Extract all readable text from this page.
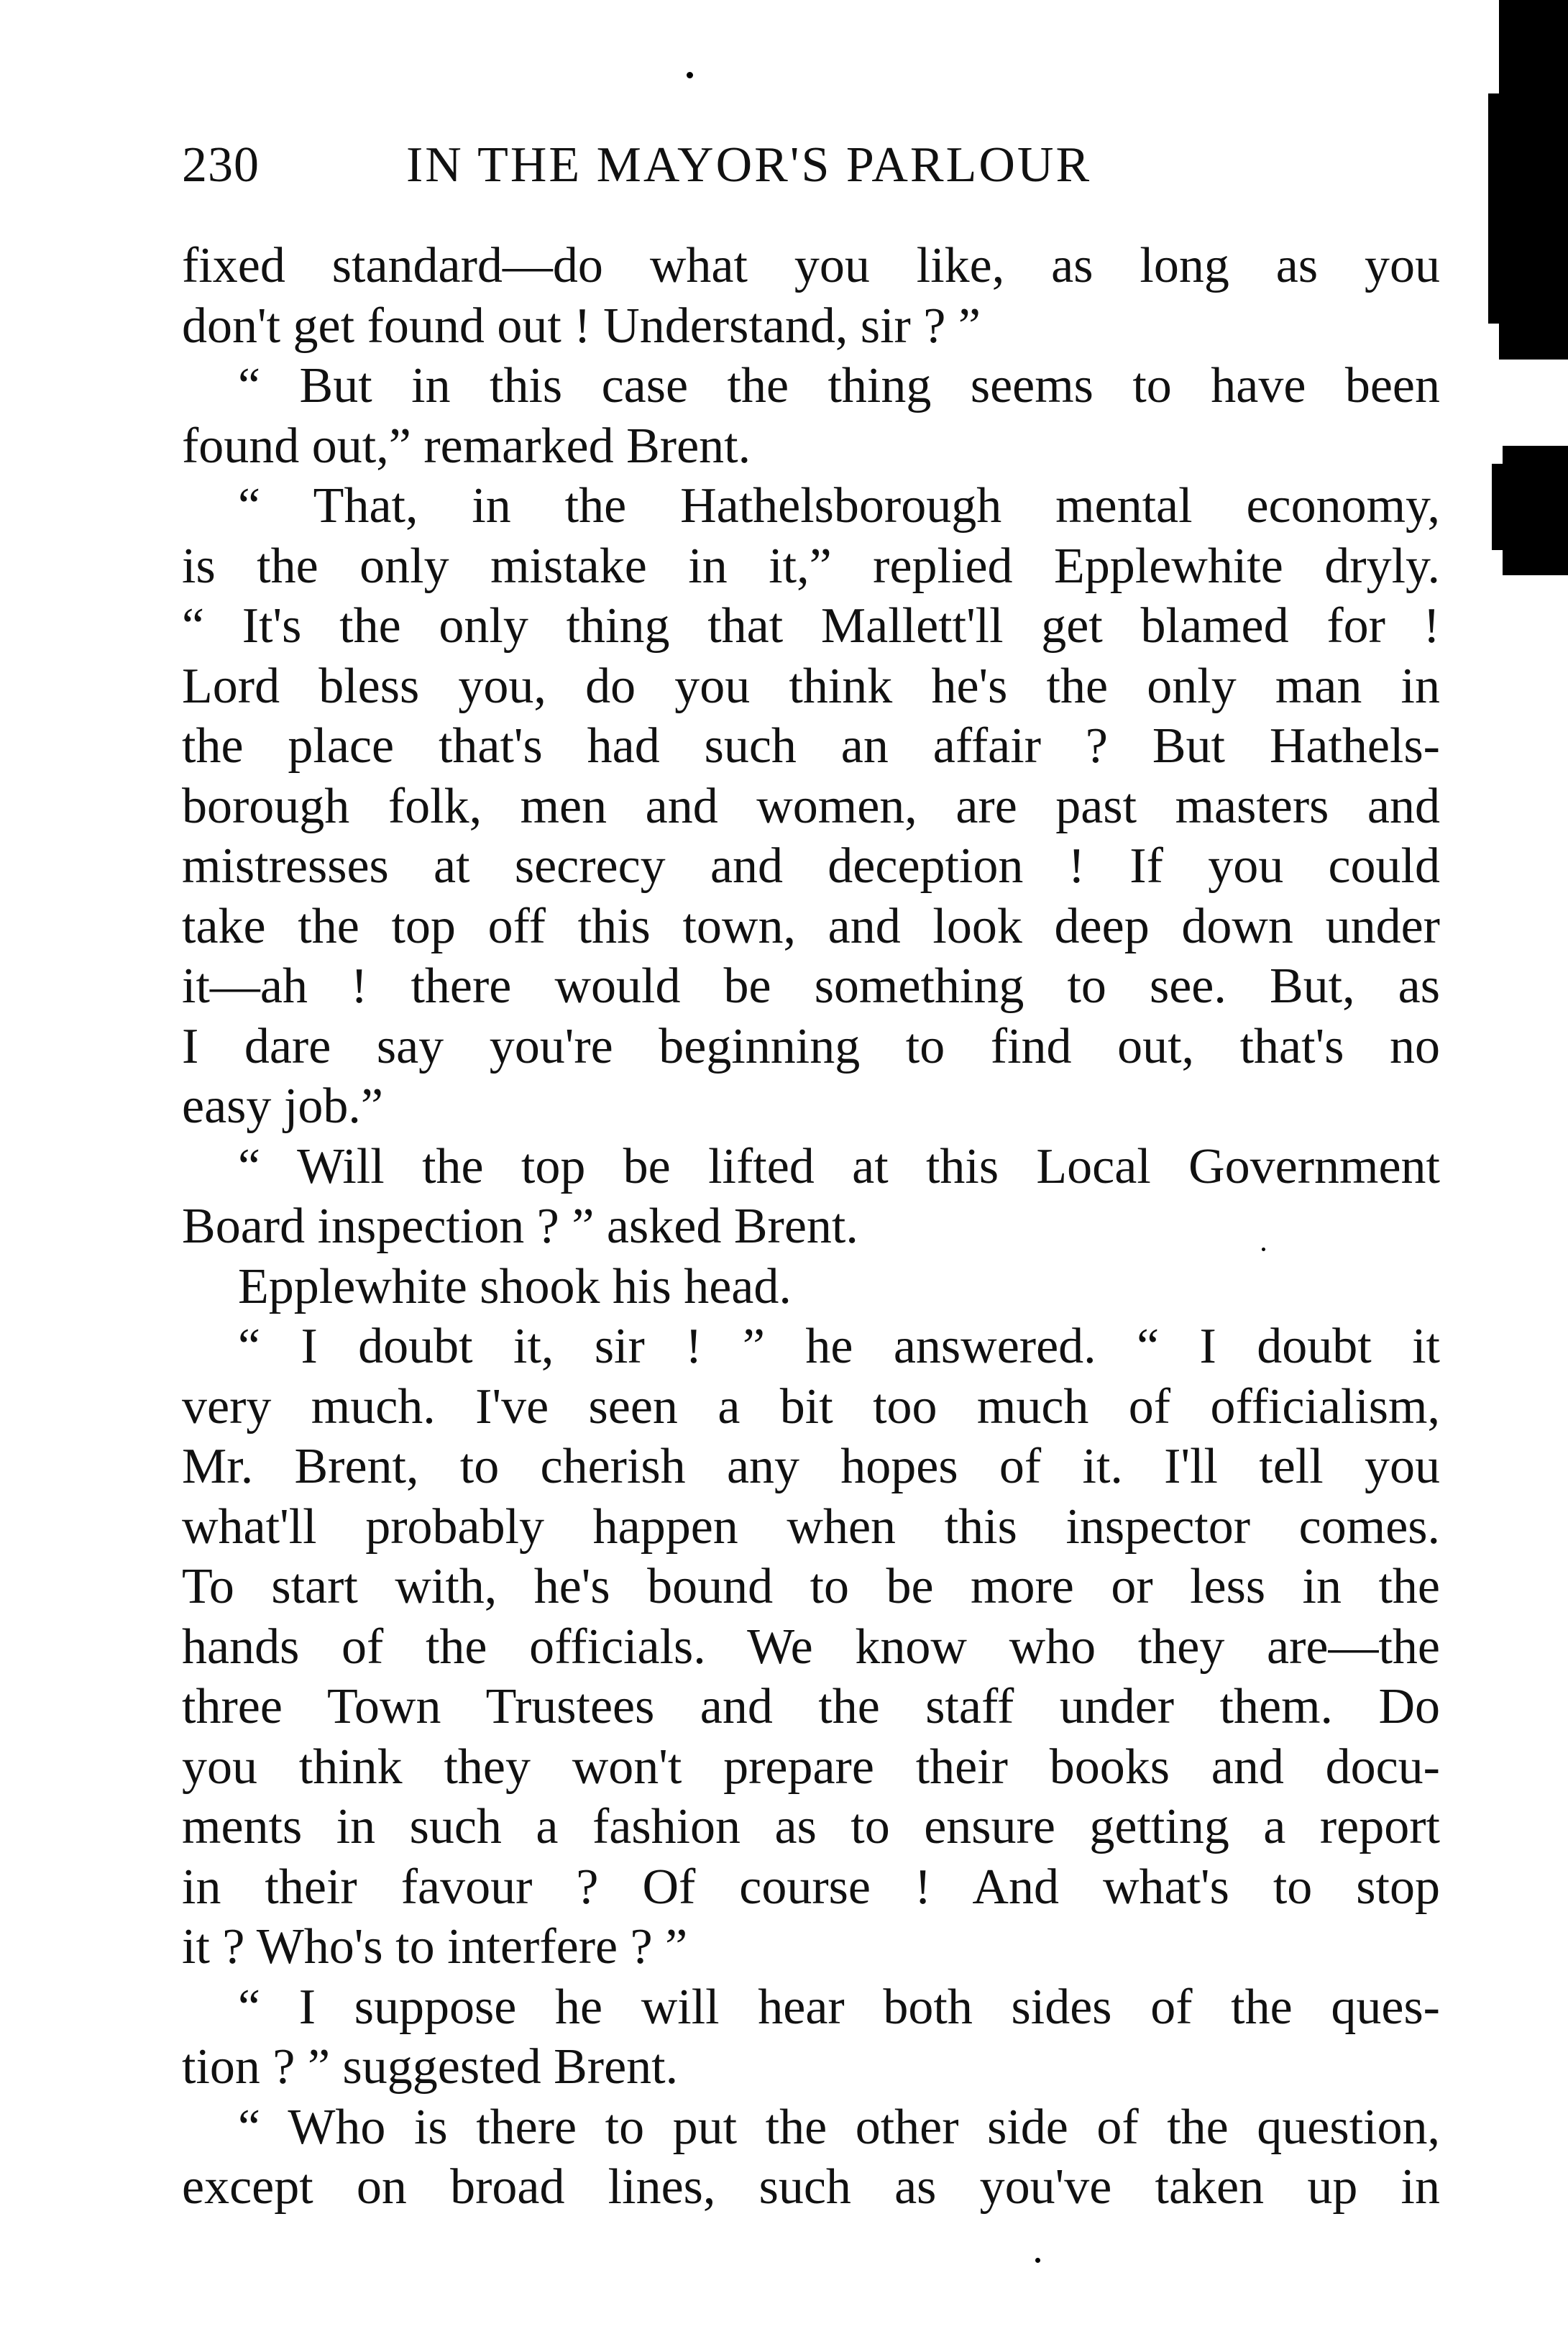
230	IN THE MAYOR'S PARLOUR
fixed standard—do what you like, as long as you
don't get found out ! Understand, sir ? ”
“ But in this case the thing seems to have been
found out,” remarked Brent.
“ That, in the Hathelsborough mental economy,
is the only mistake in it,” replied Epplewhite dryly.
“ It's the only thing that Mallett'll get blamed for !
Lord bless you, do you think he's the only man in
the place that's had such an affair ? But Hathels-
borough folk, men and women, are past masters and
mistresses at secrecy and deception ! If you could
take the top off this town, and look deep down under
it—ah ! there would be something to see. But, as
I dare say you're beginning to find out, that's no
easy job.”
“ Will the top be lifted at this Local Government
Board inspection ? ” asked Brent.
Epplewhite shook his head.
“ I doubt it, sir ! ” he answered. “ I doubt it
very much. I've seen a bit too much of officialism,
Mr. Brent, to cherish any hopes of it. I'll tell you
what'll probably happen when this inspector comes.
To start with, he's bound to be more or less in the
hands of the officials. We know who they are—the
three Town Trustees and the staff under them. Do
you think they won't prepare their books and docu-
ments in such a fashion as to ensure getting a report
in their favour ? Of course ! And what's to stop
it ? Who's to interfere ? ”
“ I suppose he will hear both sides of the ques-
tion ? ” suggested Brent.
“ Who is there to put the other side of the question,
except on broad lines, such as you've taken up in
